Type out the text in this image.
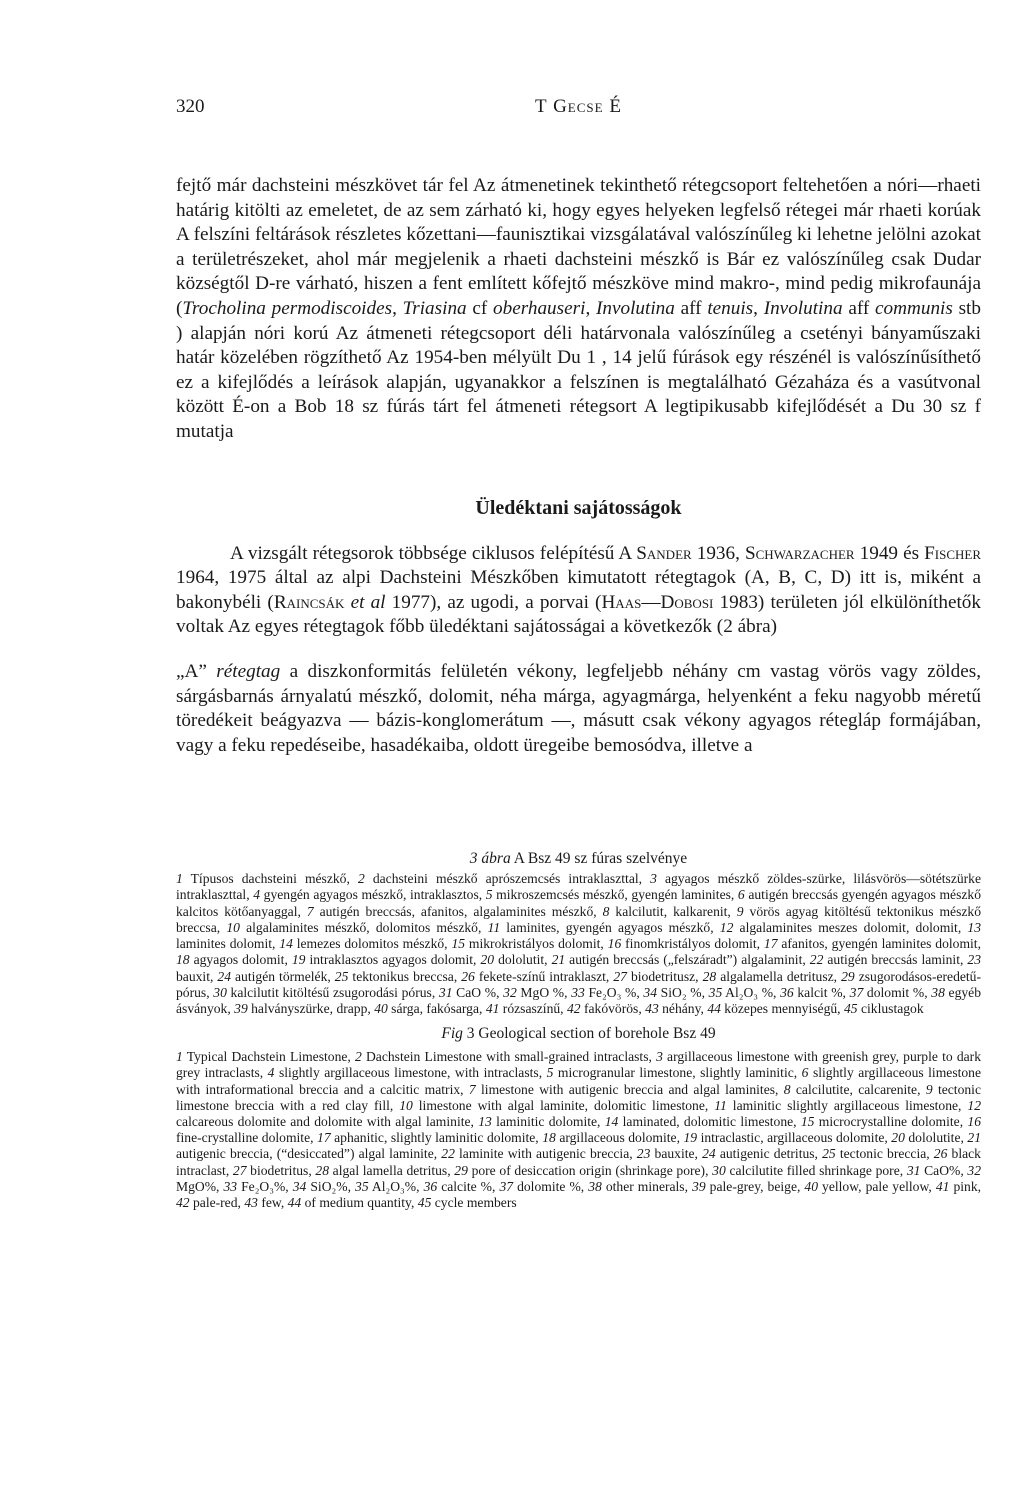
320	T Gecse É

fejtő már dachsteini mészkövet tár fel Az átmenetinek tekinthető rétegcsoport feltehetően a nóri—rhaeti határig kitölti az emeletet, de az sem zárható ki, hogy egyes helyeken legfelső rétegei már rhaeti korúak A felszíni feltárások részletes kőzettani—faunisztikai vizsgálatával valószínűleg ki lehetne jelölni azokat a területrészeket, ahol már megjelenik a rhaeti dachsteini mészkő is Bár ez valószínűleg csak Dudar községtől D-re várható, hiszen a fent említett kőfejtő mészköve mind makro-, mind pedig mikrofaunája (Trocholina permodiscoides, Triasina cf oberhauseri, Involutina aff tenuis, Involutina aff communis stb ) alapján nóri korú Az átmeneti rétegcsoport déli határvonala valószínűleg a csetényi bányaműszaki határ közelében rögzíthető Az 1954-ben mélyült Du 1 , 14 jelű fúrások egy részénél is valószínűsíthető ez a kifejlődés a leírások alapján, ugyanakkor a felszínen is megtalálható Gézaháza és a vasútvonal között É-on a Bob 18 sz fúrás tárt fel átmeneti rétegsort A legtipikusabb kifejlődését a Du 30 sz f mutatja

Üledéktani sajátosságok

A vizsgált rétegsorok többsége ciklusos felépítésű A Sander 1936, Schwarzacher 1949 és Fischer 1964, 1975 által az alpi Dachsteini Mészkőben kimutatott rétegtagok (A, B, C, D) itt is, miként a bakonybéli (Raincsák et al 1977), az ugodi, a porvai (Haas—Dobosi 1983) területen jól elkülöníthetők voltak Az egyes rétegtagok főbb üledéktani sajátosságai a következők (2 ábra)

„A” rétegtag a diszkonformitás felületén vékony, legfeljebb néhány cm vastag vörös vagy zöldes, sárgásbarnás árnyalatú mészkő, dolomit, néha márga, agyagmárga, helyenként a feku nagyobb méretű töredékeit beágyazva — bázis-konglomerátum —, másutt csak vékony agyagos rétegláp formájában, vagy a feku repedéseibe, hasadékaiba, oldott üregeibe bemosódva, illetve a

3 ábra A Bsz 49 sz fúras szelvénye

1 Típusos dachsteini mészkő, 2 dachsteini mészkő aprószemcsés intraklaszttal, 3 agyagos mészkő zöldes-szürke, lilásvörös—sötétszürke intraklaszttal, 4 gyengén agyagos mészkő, intraklasztos, 5 mikroszemcsés mészkő, gyengén laminites, 6 autigén breccsás gyengén agyagos mészkő kalcitos kötőanyaggal, 7 autigén breccsás, afanitos, algalaminites mészkő, 8 kalcilutit, kalkarenit, 9 vörös agyag kitöltésű tektonikus mészkő breccsa, 10 algalaminites mészkő, dolomitos mészkő, 11 laminites, gyengén agyagos mészkő, 12 algalaminites meszes dolomit, dolomit, 13 laminites dolomit, 14 lemezes dolomitos mészkő, 15 mikrokristályos dolomit, 16 finomkristályos dolomit, 17 afanitos, gyengén laminites dolomit, 18 agyagos dolomit, 19 intraklasztos agyagos dolomit, 20 dololutit, 21 autigén breccsás („felszáradt”) algalaminit, 22 autigén breccsás laminit, 23 bauxit, 24 autigén törmelék, 25 tektonikus breccsa, 26 fekete-színű intraklaszt, 27 biodetritusz, 28 algalamella detritusz, 29 zsugorodásos-eredetű-pórus, 30 kalcilutit kitöltésű zsugorodási pórus, 31 CaO %, 32 MgO %, 33 Fe₂O₃ %, 34 SiO₂ %, 35 Al₂O₃ %, 36 kalcit %, 37 dolomit %, 38 egyéb ásványok, 39 halványszürke, drapp, 40 sárga, fakósarga, 41 rózsaszínű, 42 fakóvörös, 43 néhány, 44 közepes mennyiségű, 45 ciklustagok

Fig 3 Geological section of borehole Bsz 49

1 Typical Dachstein Limestone, 2 Dachstein Limestone with small-grained intraclasts, 3 argillaceous limestone with greenish grey, purple to dark grey intraclasts, 4 slightly argillaceous limestone, with intraclasts, 5 microgranular limestone, slightly laminitic, 6 slightly argillaceous limestone with intraformational breccia and a calcitic matrix, 7 limestone with autigenic breccia and algal laminites, 8 calcilutite, calcarenite, 9 tectonic limestone breccia with a red clay fill, 10 limestone with algal laminite, dolomitic limestone, 11 laminitic slightly argillaceous limestone, 12 calcareous dolomite and dolomite with algal laminite, 13 laminitic dolomite, 14 laminated, dolomitic limestone, 15 microcrystalline dolomite, 16 fine-crystalline dolomite, 17 aphanitic, slightly laminitic dolomite, 18 argillaceous dolomite, 19 intraclastic, argillaceous dolomite, 20 dololutite, 21 autigenic breccia, (“desiccated”) algal laminite, 22 laminite with autigenic breccia, 23 bauxite, 24 autigenic detritus, 25 tectonic breccia, 26 black intraclast, 27 biodetritus, 28 algal lamella detritus, 29 pore of desiccation origin (shrinkage pore), 30 calcilutite filled shrinkage pore, 31 CaO%, 32 MgO%, 33 Fe₂O₃%, 34 SiO₂%, 35 Al₂O₃%, 36 calcite %, 37 dolomite %, 38 other minerals, 39 pale-grey, beige, 40 yellow, pale yellow, 41 pink, 42 pale-red, 43 few, 44 of medium quantity, 45 cycle members
